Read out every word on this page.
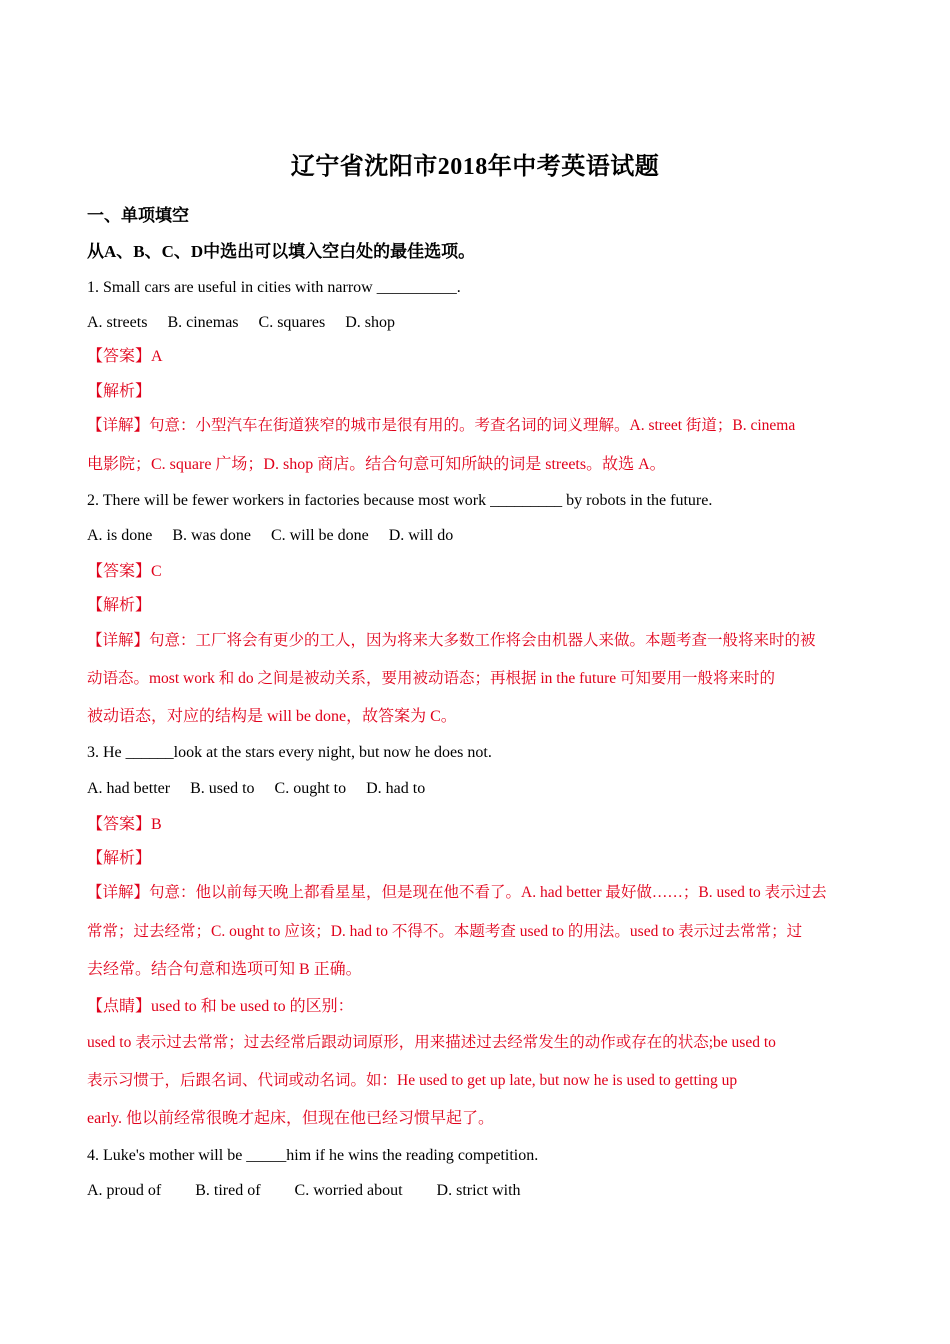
辽宁省沈阳市2018年中考英语试题
一、单项填空
从A、B、C、D中选出可以填入空白处的最佳选项。
1. Small cars are useful in cities with narrow __________.
A. streets B. cinemas C. squares D. shop
【答案】A
【解析】
【详解】句意：小型汽车在街道狭窄的城市是很有用的。考查名词的词义理解。A. street 街道；B. cinema
电影院；C. square 广场；D. shop 商店。结合句意可知所缺的词是 streets。故选 A。
2. There will be fewer workers in factories because most work _________ by robots in the future.
A. is done B. was done C. will be done D. will do
【答案】C
【解析】
【详解】句意：工厂将会有更少的工人，因为将来大多数工作将会由机器人来做。本题考查一般将来时的被
动语态。most work 和 do 之间是被动关系，要用被动语态；再根据 in the future 可知要用一般将来时的
被动语态，对应的结构是 will be done，故答案为 C。
3. He ______look at the stars every night, but now he does not.
A. had better B. used to C. ought to D. had to
【答案】B
【解析】
【详解】句意：他以前每天晚上都看星星，但是现在他不看了。A. had better 最好做……；B. used to 表示过去
常常；过去经常；C. ought to 应该；D. had to 不得不。本题考查 used to 的用法。used to 表示过去常常；过
去经常。结合句意和选项可知 B 正确。
【点睛】used to 和 be used to 的区别：
used to 表示过去常常；过去经常后跟动词原形，用来描述过去经常发生的动作或存在的状态;be used to
表示习惯于，后跟名词、代词或动名词。如：He used to get up late, but now he is used to getting up
early. 他以前经常很晚才起床，但现在他已经习惯早起了。
4. Luke's mother will be _____him if he wins the reading competition.
A. proud of B. tired of C. worried about D. strict with
